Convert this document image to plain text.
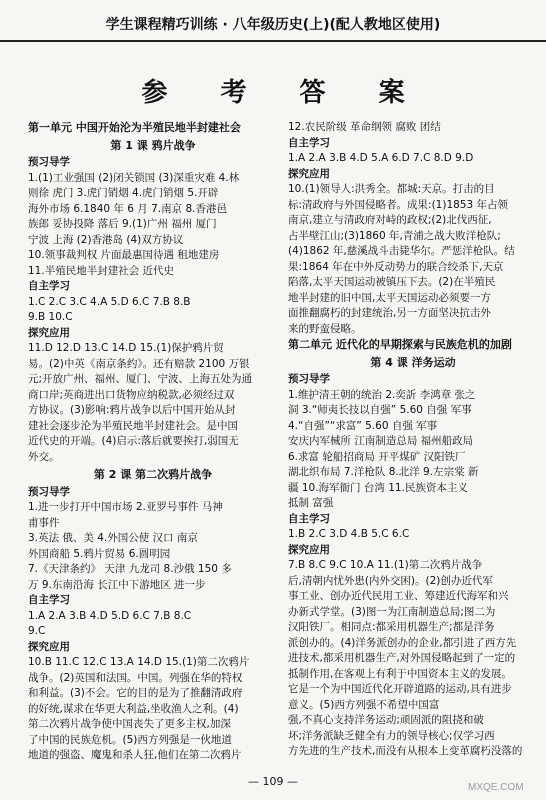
学生课程精巧训练 · 八年级历史(上)(配人教地区使用)
参 考 答 案
第一单元 中国开始沦为半殖民地半封建社会
第 1 课 鸦片战争
预习导学
1.(1)工业强国 (2)闭关锁国 (3)深重灾难 4.林
则徐 虎门 3.虎门销烟 4.虎门销烟 5.开辟
海外市场 6.1840 年 6 月 7.南京 8.香港邑
族郎 妥协投降 落后 9.(1)广州 福州 厦门
宁波 上海 (2)香港岛 (4)双方协议
10.领事裁判权 片面最惠国待遇 租地建房
11.半殖民地半封建社会 近代史
自主学习
1.C 2.C 3.C 4.A 5.D 6.C 7.B 8.B
9.B 10.C
探究应用
11.D 12.D 13.C 14.D 15.(1)保护鸦片贸
易。(2)中英《南京条约》。还有赔款 2100 万银
元;开放广州、福州、厦门、宁波、上海五处为通
商口岸;英商进出口货物应纳税款,必须经过双
方协议。(3)影响:鸦片战争以后中国开始从封
建社会逐步沦为半殖民地半封建社会。是中国
近代史的开端。(4)启示:落后就要挨打,弱国无
外交。
第 2 课 第二次鸦片战争
预习导学
1.进一步打开中国市场 2.亚罗号事件 马神
甫事件
3.英法 俄、美 4.外国公使 汉口 南京
外国商船 5.鸦片贸易 6.圆明园
7.《天津条约》 天津 九龙司 8.沙俄 150 多
万 9.东南沿海 长江中下游地区 进一步
自主学习
1.A 2.A 3.B 4.D 5.D 6.C 7.B 8.C
9.C
探究应用
10.B 11.C 12.C 13.A 14.D 15.(1)第二次鸦片
战争。(2)英国和法国。中国。列强在华的特权
和利益。(3)不会。它的目的是为了推翻清政府
的好统,谋求在华更大利益,坐收渔人之利。(4)
第二次鸦片战争使中国丧失了更多主权,加深
了中国的民族危机。(5)西方列强是一伙地道
地道的强盗、魔鬼和杀人狂,他们在第二次鸦片
12.农民阶级 革命纲领 腐败 团结
自主学习
1.A 2.A 3.B 4.D 5.A 6.D 7.C 8.D 9.D
探究应用
10.(1)领导人:洪秀全。都城:天京。打击的目
标:清政府与外国侵略者。成果:(1)1853 年占领
南京,建立与清政府对峙的政权;(2)北伐西征,
占半壁江山;(3)1860 年,青浦之战大败洋枪队;
(4)1862 年,慈溪战斗击毙华尔。严惩洋枪队。结
果:1864 年在中外反动势力的联合绞杀下,天京
陷落,太平天国运动被镇压下去。(2)在半殖民
地半封建的旧中国,太平天国运动必须要一方
面推翻腐朽的封建统治,另一方面坚决抗击外
来的野蛮侵略。
第二单元 近代化的早期探索与民族危机的加剧
第 4 课 洋务运动
预习导学
1.维护清王朝的统治 2.奕訢 李鸿章 张之
洞 3.“师夷长技以自强” 5.60 自强 军事
4.“自强”“求富” 5.60 自强 军事
安庆内军械所 江南制造总局 福州船政局
6.求富 轮船招商局 开平煤矿 汉阳铁厂
湖北织布局 7.洋枪队 8.北洋 9.左宗棠 新
疆 10.海军衙门 台湾 11.民族资本主义
抵制 富强
自主学习
1.B 2.C 3.D 4.B 5.C 6.C
探究应用
7.B 8.C 9.C 10.A 11.(1)第二次鸦片战争
后,清朝内忧外患(内外交困)。(2)创办近代军
事工业、创办近代民用工业、筹建近代海军和兴
办新式学堂。(3)图一为江南制造总局;图二为
汉阳铁厂。相同点:都采用机器生产;都是洋务
派创办的。(4)洋务派创办的企业,都引进了西方先
进技术,都采用机器生产,对外国侵略起到了一定的
抵制作用,在客观上有利于中国资本主义的发展。
它是一个为中国近代化开辟道路的运动,具有进步
意义。(5)西方列强不希望中国富
强,不真心支持洋务运动;顽固派的阻挠和破
坏;洋务派缺乏健全有力的领导核心;仅学习西
方先进的生产技术,而没有从根本上变革腐朽没落的
— 109 —	MXQE.COM
